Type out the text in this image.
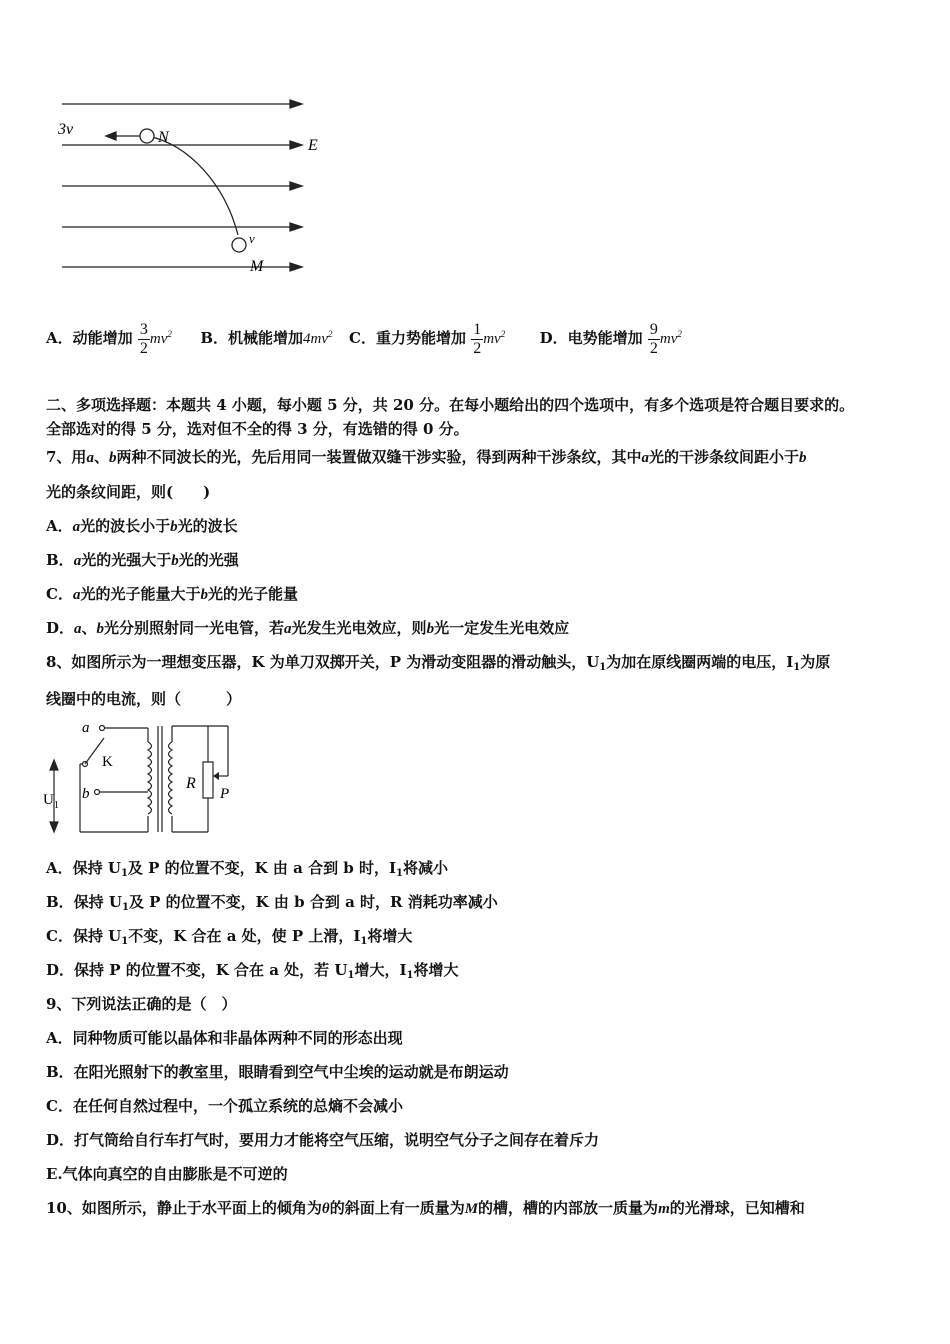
3v	N	E
v
M
A．动能增加 $\frac{3}{2} mv^2$ B．机械能增加$4mv^2$ C．重力势能增加 $\frac{1}{2} mv^2$ D．电势能增加 $\frac{9}{2} mv^2$
二、多项选择题：本题共 4 小题，每小题 5 分，共 20 分。在每小题给出的四个选项中，有多个选项是符合题目要求的。
全部选对的得 5 分，选对但不全的得 3 分，有选错的得 0 分。
7、用a、b两种不同波长的光，先后用同一装置做双缝干涉实验，得到两种干涉条纹，其中a光的干涉条纹间距小于b
光的条纹间距，则(　　)
A．a光的波长小于b光的波长
B．a光的光强大于b光的光强
C．a光的光子能量大于b光的光子能量
D．a、b光分别照射同一光电管，若a光发生光电效应，则b光一定发生光电效应
8、如图所示为一理想变压器，K 为单刀双掷开关，P 为滑动变阻器的滑动触头，$U_1$为加在原线圈两端的电压，$I_1$为原
线圈中的电流，则（　　　）
a
K
b
R
P
$U_1$
A．保持 $U_1$及 P 的位置不变，K 由 a 合到 b 时，$I_1$将减小
B．保持 $U_1$及 P 的位置不变，K 由 b 合到 a 时，R 消耗功率减小
C．保持 $U_1$不变，K 合在 a 处，使 P 上滑，$I_1$将增大
D．保持 P 的位置不变，K 合在 a 处，若 $U_1$增大，$I_1$将增大
9、下列说法正确的是（　）
A．同种物质可能以晶体和非晶体两种不同的形态出现
B．在阳光照射下的教室里，眼睛看到空气中尘埃的运动就是布朗运动
C．在任何自然过程中，一个孤立系统的总熵不会减小
D．打气筒给自行车打气时，要用力才能将空气压缩，说明空气分子之间存在着斥力
E.气体向真空的自由膨胀是不可逆的
10、如图所示，静止于水平面上的倾角为θ的斜面上有一质量为M的槽，槽的内部放一质量为m的光滑球，已知槽和
